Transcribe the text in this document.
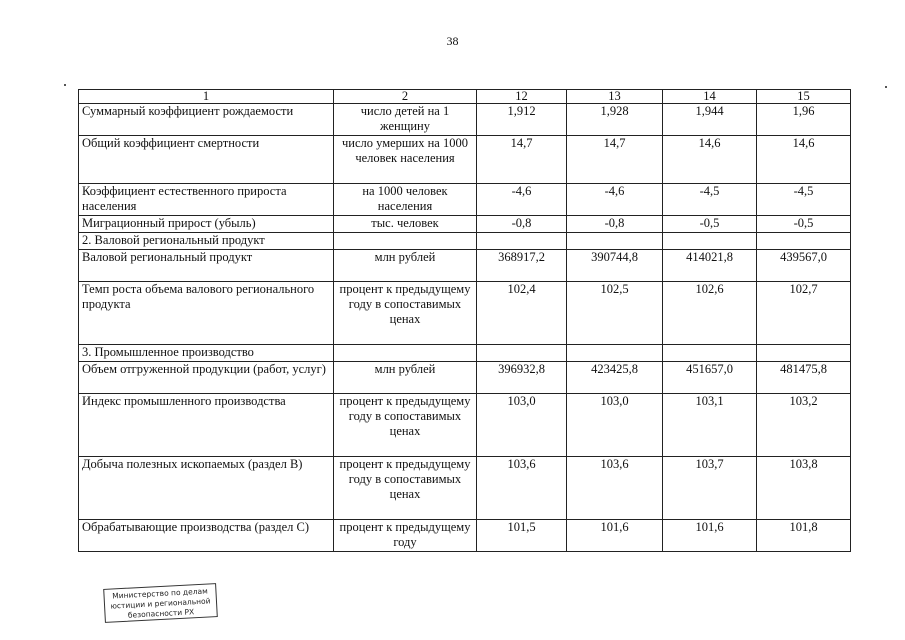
38
1	2	12	13	14	15
Суммарный коэффициент рождаемости	число детей на 1 женщину	1,912	1,928	1,944	1,96
Общий коэффициент смертности	число умерших на 1000 человек населения	14,7	14,7	14,6	14,6
Коэффициент естественного прироста населения	на 1000 человек населения	-4,6	-4,6	-4,5	-4,5
Миграционный прирост (убыль)	тыс. человек	-0,8	-0,8	-0,5	-0,5
2. Валовой региональный продукт					
Валовой региональный продукт	млн рублей	368917,2	390744,8	414021,8	439567,0
Темп роста объема валового регионального продукта	процент к предыдущему году в сопоставимых ценах	102,4	102,5	102,6	102,7
3. Промышленное производство					
Объем отгруженной продукции (работ, услуг)	млн рублей	396932,8	423425,8	451657,0	481475,8
Индекс промышленного производства	процент к предыдущему году в сопоставимых ценах	103,0	103,0	103,1	103,2
Добыча полезных ископаемых (раздел B)	процент к предыдущему году в сопоставимых ценах	103,6	103,6	103,7	103,8
Обрабатывающие производства (раздел C)	процент к предыдущему году	101,5	101,6	101,6	101,8
Министерство по делам
юстиции и региональной
безопасности РХ
